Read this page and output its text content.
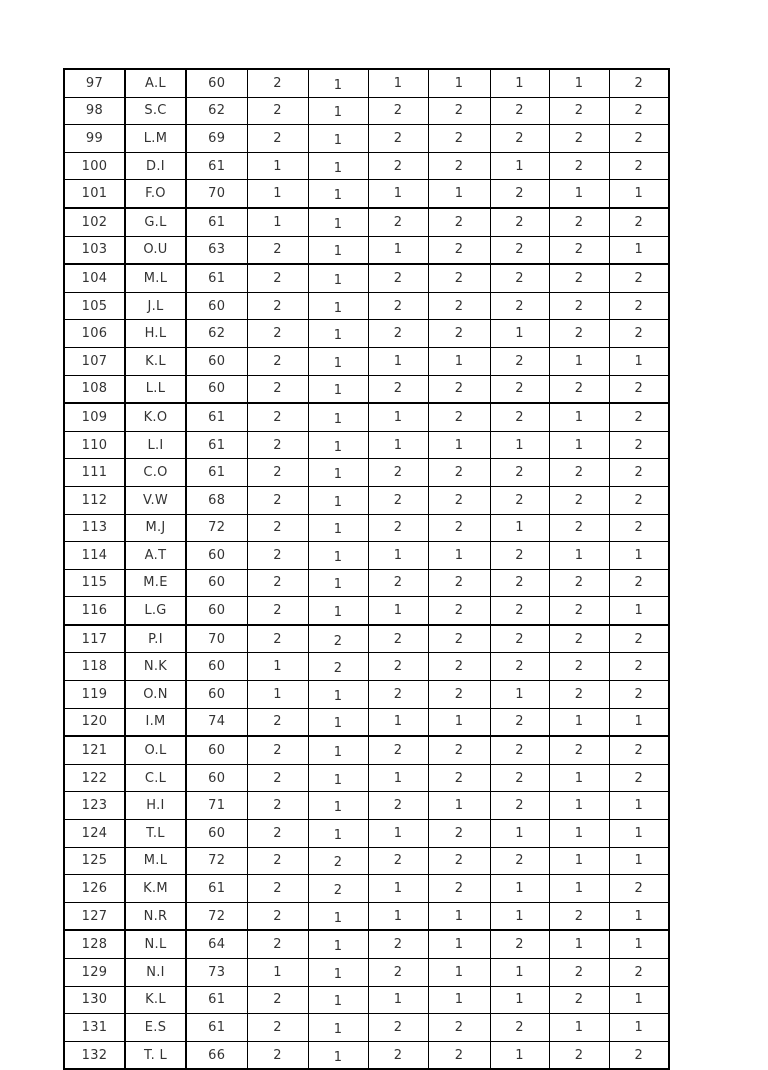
97	A.L	60	2	1	1	1	1	1	2
98	S.C	62	2	1	2	2	2	2	2
99	L.M	69	2	1	2	2	2	2	2
100	D.I	61	1	1	2	2	1	2	2
101	F.O	70	1	1	1	1	2	1	1
102	G.L	61	1	1	2	2	2	2	2
103	O.U	63	2	1	1	2	2	2	1
104	M.L	61	2	1	2	2	2	2	2
105	J.L	60	2	1	2	2	2	2	2
106	H.L	62	2	1	2	2	1	2	2
107	K.L	60	2	1	1	1	2	1	1
108	L.L	60	2	1	2	2	2	2	2
109	K.O	61	2	1	1	2	2	1	2
110	L.I	61	2	1	1	1	1	1	2
111	C.O	61	2	1	2	2	2	2	2
112	V.W	68	2	1	2	2	2	2	2
113	M.J	72	2	1	2	2	1	2	2
114	A.T	60	2	1	1	1	2	1	1
115	M.E	60	2	1	2	2	2	2	2
116	L.G	60	2	1	1	2	2	2	1
117	P.I	70	2	2	2	2	2	2	2
118	N.K	60	1	2	2	2	2	2	2
119	O.N	60	1	1	2	2	1	2	2
120	I.M	74	2	1	1	1	2	1	1
121	O.L	60	2	1	2	2	2	2	2
122	C.L	60	2	1	1	2	2	1	2
123	H.I	71	2	1	2	1	2	1	1
124	T.L	60	2	1	1	2	1	1	1
125	M.L	72	2	2	2	2	2	1	1
126	K.M	61	2	2	1	2	1	1	2
127	N.R	72	2	1	1	1	1	2	1
128	N.L	64	2	1	2	1	2	1	1
129	N.I	73	1	1	2	1	1	2	2
130	K.L	61	2	1	1	1	1	2	1
131	E.S	61	2	1	2	2	2	1	1
132	T. L	66	2	1	2	2	1	2	2
